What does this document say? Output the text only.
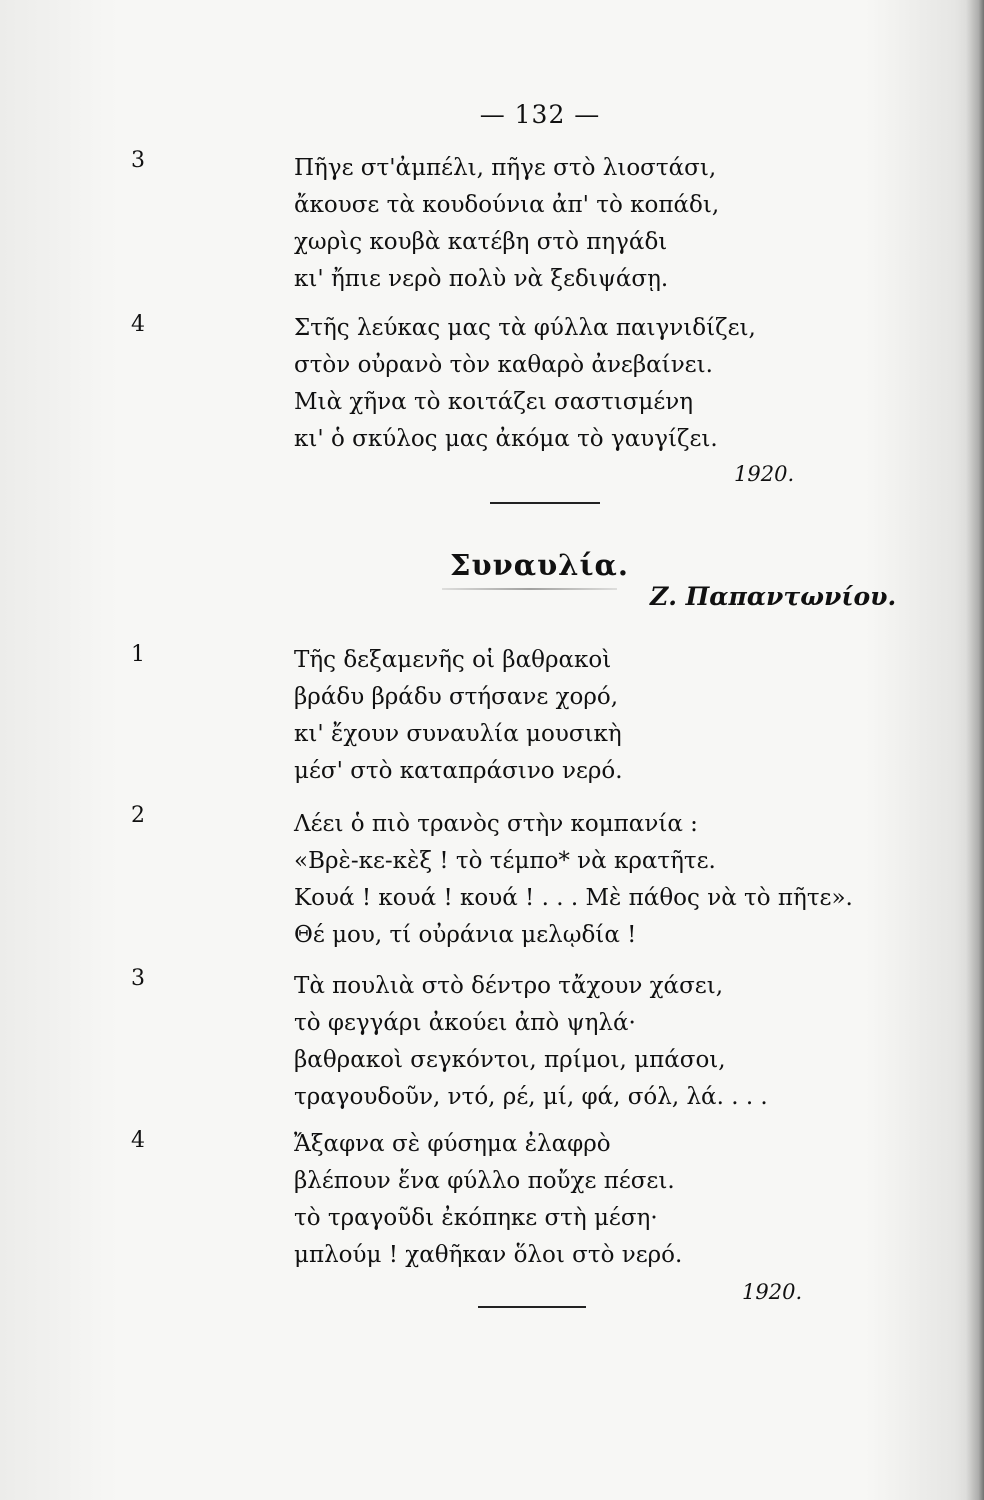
— 132 —
3	Πῆγε στ'ἀμπέλι, πῆγε στὸ λιοστάσι,
ἄκουσε τὰ κουδούνια ἀπ' τὸ κοπάδι,
χωρὶς κουβὰ κατέβη στὸ πηγάδι
κι' ἤπιε νερὸ πολὺ νὰ ξεδιψάσῃ.
4	Στῆς λεύκας μας τὰ φύλλα παιγνιδίζει,
στὸν οὐρανὸ τὸν καθαρὸ ἀνεβαίνει.
Μιὰ χῆνα τὸ κοιτάζει σαστισμένη
κι' ὁ σκύλος μας ἀκόμα τὸ γαυγίζει.
1920.
Συναυλία.
Ζ. Παπαντωνίου.
1	Τῆς δεξαμενῆς οἱ βαθρακοὶ
βράδυ βράδυ στήσανε χορό,
κι' ἔχουν συναυλία μουσικὴ
μέσ' στὸ καταπράσινο νερό.
2	Λέει ὁ πιὸ τρανὸς στὴν κομπανία :
«Βρὲ-κε-κὲξ ! τὸ τέμπο* νὰ κρατῆτε.
Κουά ! κουά ! κουά ! . . . Μὲ πάθος νὰ τὸ πῆτε».
Θέ μου, τί οὐράνια μελῳδία !
3	Τὰ πουλιὰ στὸ δέντρο τἄχουν χάσει,
τὸ φεγγάρι ἀκούει ἀπὸ ψηλά·
βαθρακοὶ σεγκόντοι, πρίμοι, μπάσοι,
τραγουδοῦν, ντό, ρέ, μί, φά, σόλ, λά. . . .
4	Ἄξαφνα σὲ φύσημα ἐλαφρὸ
βλέπουν ἕνα φύλλο ποὔχε πέσει.
τὸ τραγοῦδι ἐκόπηκε στὴ μέση·
μπλούμ ! χαθῆκαν ὅλοι στὸ νερό.
1920.
